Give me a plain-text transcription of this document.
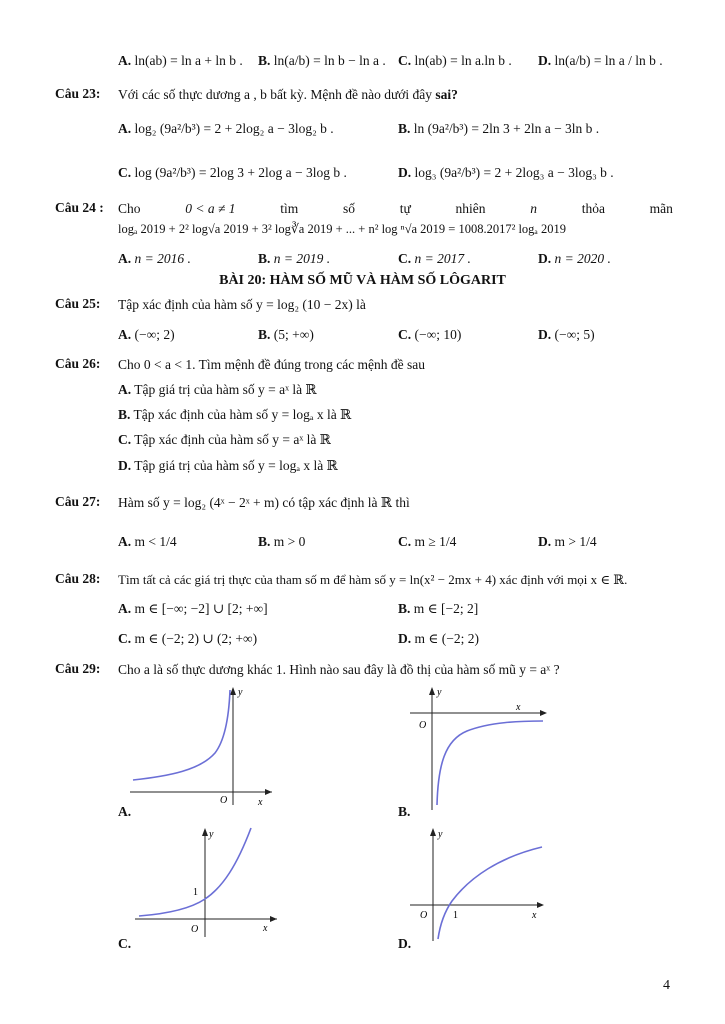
A. ln(ab) = ln a + ln b . B. ln(a/b) = ln b − ln a . C. ln(ab) = ln a.ln b . D. ln(a/b) = ln a / ln b .
Câu 23: Với các số thực dương a , b bất kỳ. Mệnh đề nào dưới đây sai?
A. log₂ (9a²/b³) = 2 + 2log₂ a − 3log₂ b .	B. ln (9a²/b³) = 2ln 3 + 2ln a − 3ln b .
C. log (9a²/b³) = 2log 3 + 2log a − 3log b .	D. log₃ (9a²/b³) = 2 + 2log₃ a − 3log₃ b .
Câu 24 : Cho	0 < a ≠ 1	tìm	số	tự	nhiên	n	thỏa	mãn
logₐ 2019 + 2² log√a 2019 + 3² log∛a 2019 + ... + n² log ⁿ√a 2019 = 1008.2017² logₐ 2019
A. n = 2016 .	B. n = 2019 .	C. n = 2017 .	D. n = 2020 .
BÀI 20: HÀM SỐ MŨ VÀ HÀM SỐ LÔGARIT
Câu 25: Tập xác định của hàm số y = log₂ (10 − 2x) là
A. (−∞; 2)	B. (5; +∞)	C. (−∞; 10)	D. (−∞; 5)
Câu 26: Cho 0 < a < 1. Tìm mệnh đề đúng trong các mệnh đề sau
A. Tập giá trị của hàm số y = aˣ là ℝ
B. Tập xác định của hàm số y = logₐ x là ℝ
C. Tập xác định của hàm số y = aˣ là ℝ
D. Tập giá trị của hàm số y = logₐ x là ℝ
Câu 27: Hàm số y = log₂ (4ˣ − 2ˣ + m) có tập xác định là ℝ thì
A. m < 1/4	B. m > 0	C. m ≥ 1/4	D. m > 1/4
Câu 28: Tìm tất cả các giá trị thực của tham số m để hàm số y = ln(x² − 2mx + 4) xác định với mọi x ∈ ℝ.
A. m ∈ [−∞; −2] ∪ [2; +∞]	B. m ∈ [−2; 2]
C. m ∈ (−2; 2) ∪ (2; +∞)	D. m ∈ (−2; 2)
Câu 29: Cho a là số thực dương khác 1. Hình nào sau đây là đồ thị của hàm số mũ y = aˣ ?
y
O	x
A.
y
O
x
B.
y
1
O	x
C.
y
O	1	x
D.
4
